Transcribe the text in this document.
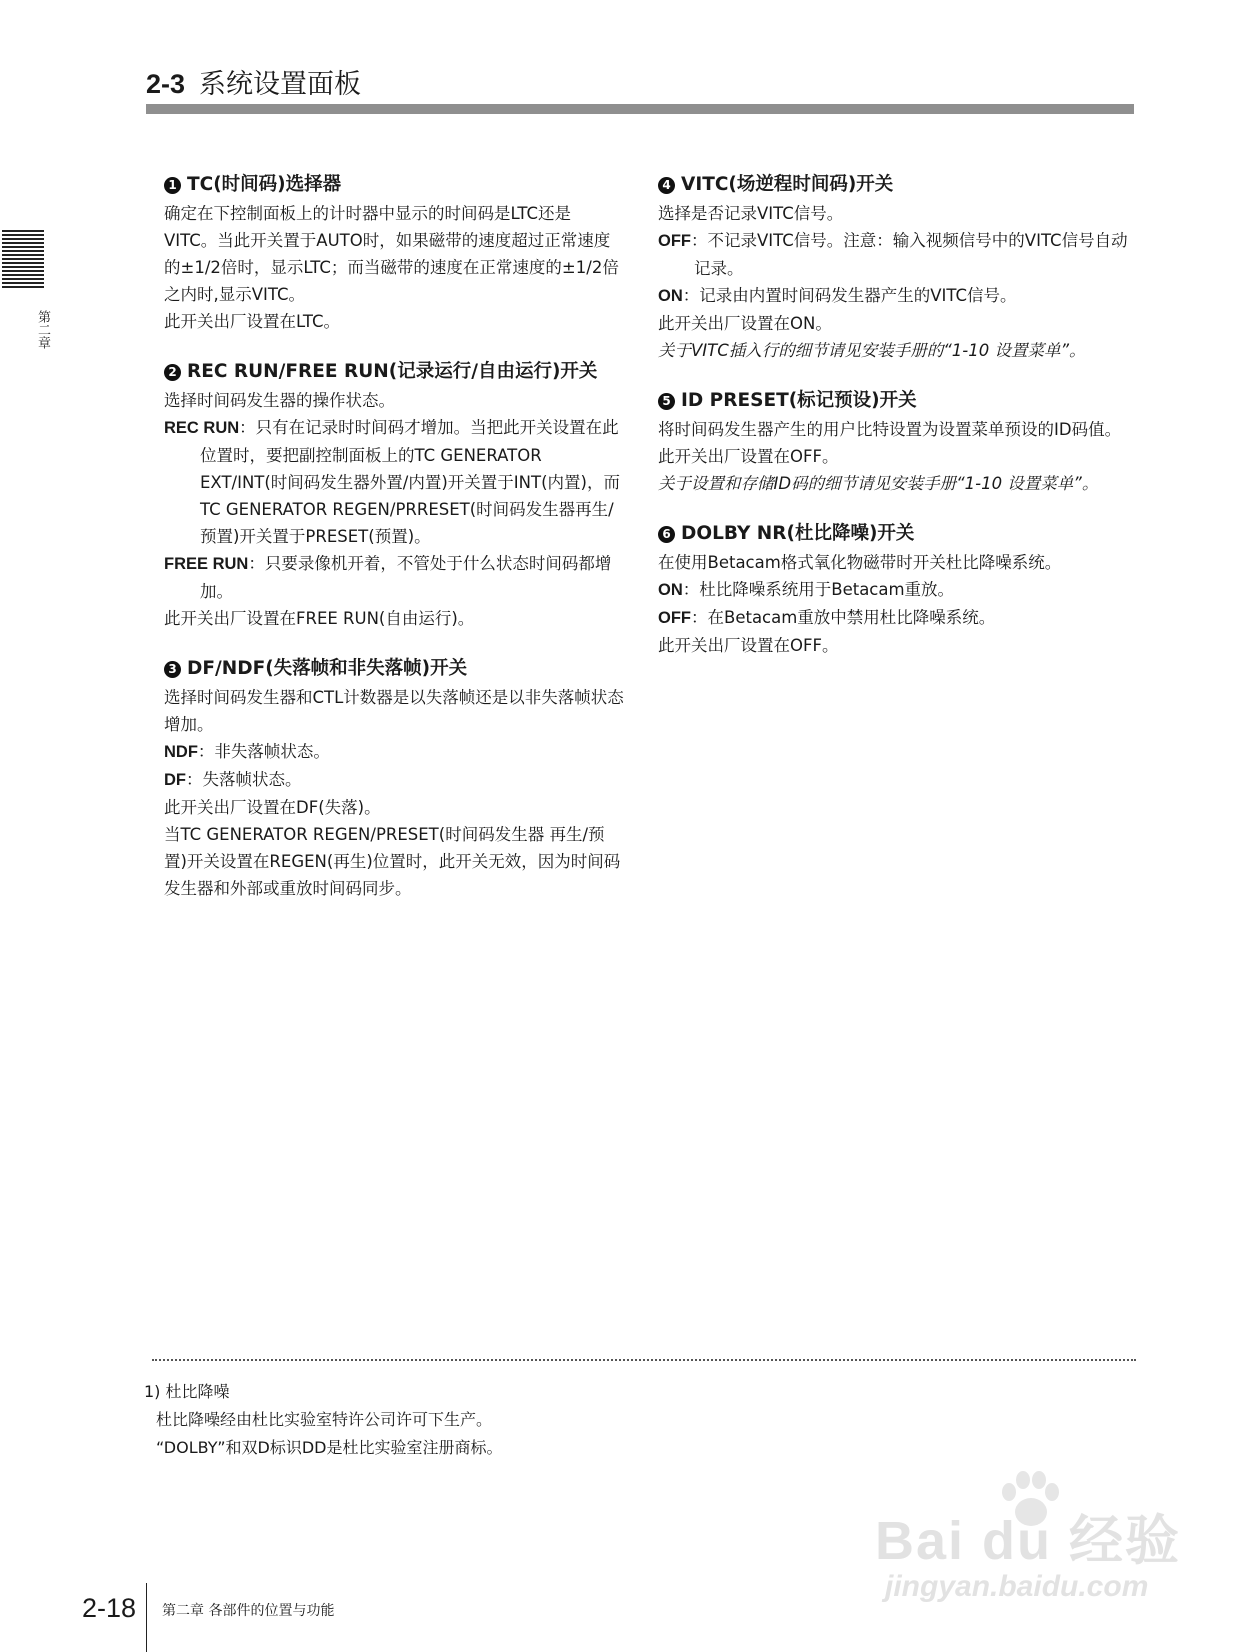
2-3 系统设置面板
第二章
1 TC(时间码)选择器

确定在下控制面板上的计时器中显示的时间码是LTC还是VITC。当此开关置于AUTO时，如果磁带的速度超过正常速度的±1/2倍时，显示LTC；而当磁带的速度在正常速度的±1/2倍之内时,显示VITC。

此开关出厂设置在LTC。

2 REC RUN/FREE RUN(记录运行/自由运行)开关

选择时间码发生器的操作状态。

REC RUN：只有在记录时时间码才增加。当把此开关设置在此位置时，要把副控制面板上的TC GENERATOR EXT/INT(时间码发生器外置/内置)开关置于INT(内置)，而TC GENERATOR REGEN/PRRESET(时间码发生器再生/预置)开关置于PRESET(预置)。

FREE RUN：只要录像机开着，不管处于什么状态时间码都增加。

此开关出厂设置在FREE RUN(自由运行)。

3 DF/NDF(失落帧和非失落帧)开关

选择时间码发生器和CTL计数器是以失落帧还是以非失落帧状态增加。

NDF：非失落帧状态。

DF：失落帧状态。

此开关出厂设置在DF(失落)。

当TC GENERATOR REGEN/PRESET(时间码发生器 再生/预置)开关设置在REGEN(再生)位置时，此开关无效，因为时间码发生器和外部或重放时间码同步。

4 VITC(场逆程时间码)开关

选择是否记录VITC信号。

OFF：不记录VITC信号。注意：输入视频信号中的VITC信号自动记录。

ON：记录由内置时间码发生器产生的VITC信号。

此开关出厂设置在ON。

关于VITC插入行的细节请见安装手册的“1-10 设置菜单”。

5 ID PRESET(标记预设)开关

将时间码发生器产生的用户比特设置为设置菜单预设的ID码值。

此开关出厂设置在OFF。

关于设置和存储ID码的细节请见安装手册“1-10 设置菜单”。

6 DOLBY NR(杜比降噪)开关

在使用Betacam格式氧化物磁带时开关杜比降噪系统。

ON：杜比降噪系统用于Betacam重放。

OFF：在Betacam重放中禁用杜比降噪系统。

此开关出厂设置在OFF。

1) 杜比降噪
杜比降噪经由杜比实验室特许公司许可下生产。
“DOLBY”和双D标识DD是杜比实验室注册商标。
2-18 第二章 各部件的位置与功能
Bai du 经验
jingyan.baidu.com
